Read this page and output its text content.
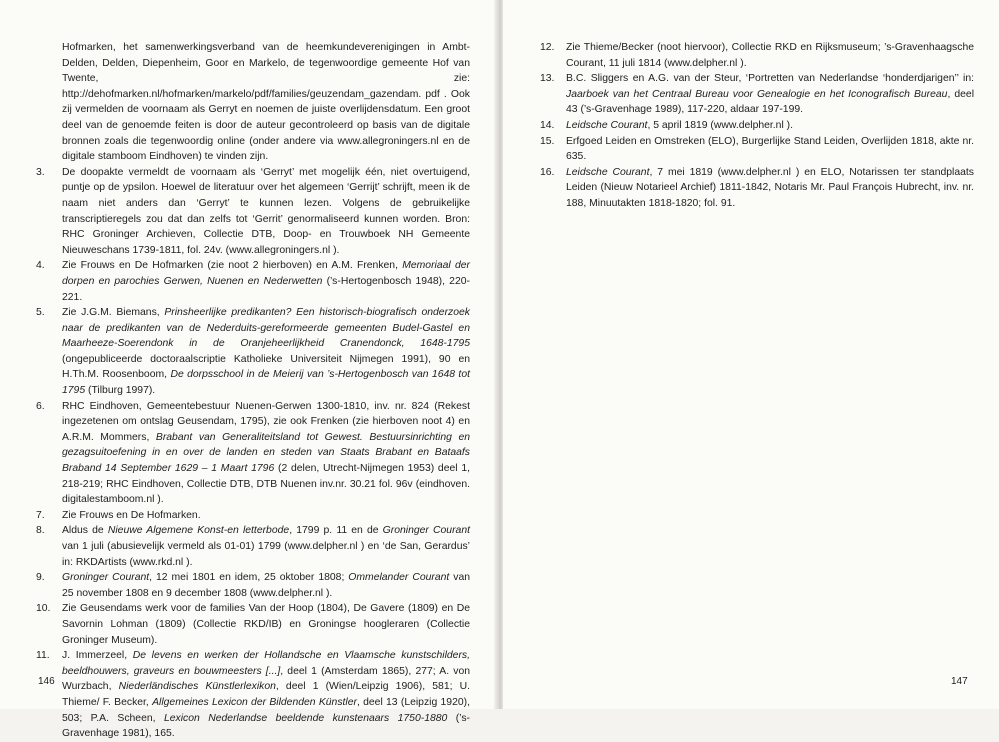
Hofmarken, het samenwerkingsverband van de heemkundeverenigingen in Ambt-Delden, Delden, Diepenheim, Goor en Markelo, de tegenwoordige gemeente Hof van Twente, zie: http://dehofmarken.nl/hofmarken/markelo/pdf/families/geuzendam_gazendam. pdf . Ook zij vermelden de voornaam als Gerryt en noemen de juiste overlijdensdatum. Een groot deel van de genoemde feiten is door de auteur gecontroleerd op basis van de digitale bronnen zoals die tegenwoordig online (onder andere via www.allegroningers.nl en de digitale stamboom Eindhoven) te vinden zijn.
3. De doopakte vermeldt de voornaam als ‘Gerryt’ met mogelijk één, niet overtuigend, puntje op de ypsilon. Hoewel de literatuur over het algemeen ‘Gerrijt’ schrijft, meen ik de naam niet anders dan ‘Gerryt’ te kunnen lezen. Volgens de gebruikelijke transcriptieregels zou dat dan zelfs tot ‘Gerrit’ genormaliseerd kunnen worden. Bron: RHC Groninger Archieven, Collectie DTB, Doop- en Trouwboek NH Gemeente Nieuweschans 1739-1811, fol. 24v. (www.allegroningers.nl ).
4. Zie Frouws en De Hofmarken (zie noot 2 hierboven) en A.M. Frenken, Memoriaal der dorpen en parochies Gerwen, Nuenen en Nederwetten (’s-Hertogenbosch 1948), 220-221.
5. Zie J.G.M. Biemans, Prinsheerlijke predikanten? Een historisch-biografisch onderzoek naar de predikanten van de Nederduits-gereformeerde gemeenten Budel-Gastel en Maarheeze-Soerendonk in de Oranjeheerlijkheid Cranendonck, 1648-1795 (ongepubliceerde doctoraalscriptie Katholieke Universiteit Nijmegen 1991), 90 en H.Th.M. Roosenboom, De dorpsschool in de Meierij van ’s-Hertogenbosch van 1648 tot 1795 (Tilburg 1997).
6. RHC Eindhoven, Gemeentebestuur Nuenen-Gerwen 1300-1810, inv. nr. 824 (Rekest ingezetenen om ontslag Geusendam, 1795), zie ook Frenken (zie hierboven noot 4) en A.R.M. Mommers, Brabant van Generaliteitsland tot Gewest. Bestuursinrichting en gezagsuitoefening in en over de landen en steden van Staats Brabant en Bataafs Braband 14 September 1629 – 1 Maart 1796 (2 delen, Utrecht-Nijmegen 1953) deel 1, 218-219; RHC Eindhoven, Collectie DTB, DTB Nuenen inv.nr. 30.21 fol. 96v (eindhoven. digitalestamboom.nl ).
7. Zie Frouws en De Hofmarken.
8. Aldus de Nieuwe Algemene Konst-en letterbode, 1799 p. 11 en de Groninger Courant van 1 juli (abusievelijk vermeld als 01-01) 1799 (www.delpher.nl ) en ‘de San, Gerardus’ in: RKDArtists (www.rkd.nl ).
9. Groninger Courant, 12 mei 1801 en idem, 25 oktober 1808; Ommelander Courant van 25 november 1808 en 9 december 1808 (www.delpher.nl ).
10. Zie Geusendams werk voor de families Van der Hoop (1804), De Gavere (1809) en De Savornin Lohman (1809) (Collectie RKD/IB) en Groningse hoogleraren (Collectie Groninger Museum).
11. J. Immerzeel, De levens en werken der Hollandsche en Vlaamsche kunstschilders, beeldhouwers, graveurs en bouwmeesters [...], deel 1 (Amsterdam 1865), 277; A. von Wurzbach, Niederländisches Künstlerlexikon, deel 1 (Wien/Leipzig 1906), 581; U. Thieme/ F. Becker, Allgemeines Lexicon der Bildenden Künstler, deel 13 (Leipzig 1920), 503; P.A. Scheen, Lexicon Nederlandse beeldende kunstenaars 1750-1880 (’s-Gravenhage 1981), 165.
146
12. Zie Thieme/Becker (noot hiervoor), Collectie RKD en Rijksmuseum; ’s-Gravenhaagsche Courant, 11 juli 1814 (www.delpher.nl ).
13. B.C. Sliggers en A.G. van der Steur, ‘Portretten van Nederlandse ‘honderdjarigen’’ in: Jaarboek van het Centraal Bureau voor Genealogie en het Iconografisch Bureau, deel 43 (’s-Gravenhage 1989), 117-220, aldaar 197-199.
14. Leidsche Courant, 5 april 1819 (www.delpher.nl ).
15. Erfgoed Leiden en Omstreken (ELO), Burgerlijke Stand Leiden, Overlijden 1818, akte nr. 635.
16. Leidsche Courant, 7 mei 1819 (www.delpher.nl ) en ELO, Notarissen ter standplaats Leiden (Nieuw Notarieel Archief) 1811-1842, Notaris Mr. Paul François Hubrecht, inv. nr. 188, Minuutakten 1818-1820; fol. 91.
147
